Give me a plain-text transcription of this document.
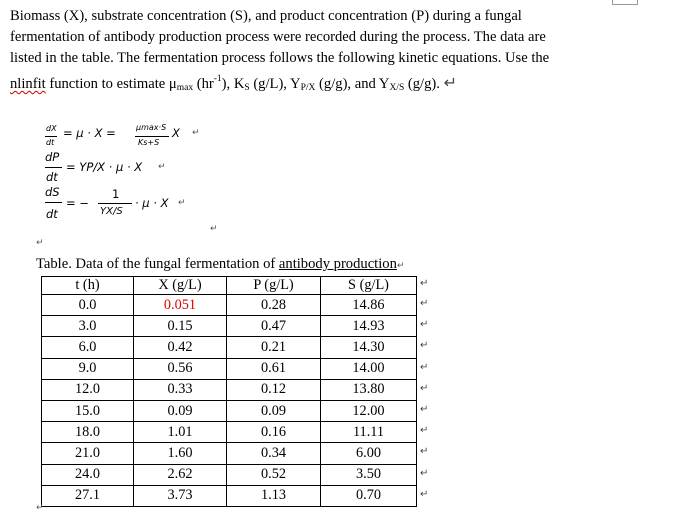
Biomass (X), substrate concentration (S), and product concentration (P) during a fungal
fermentation of antibody production process were recorded during the process. The data are
listed in the table. The fermentation process follows the following kinetic equations. Use the
nlinfit function to estimate $\mu_{max}$ $(hr^{-1})$, $K_S$ (g/L), $Y_{P/X}$ (g/g), and $Y_{X/S}$ (g/g). ↵
dX
dt
= μ · X =	μmax·S
Ks+S
X ↵
dP
dt
= YP/X · μ · X ↵
dS
dt
= −
1
YX/S
· μ · X ↵
↵
↵
Table. Data of the fungal fermentation of antibody production↵
t (h)	X (g/L)	P (g/L)	S (g/L)
0.0	0.051	0.28	14.86
3.0	0.15	0.47	14.93
6.0	0.42	0.21	14.30
9.0	0.56	0.61	14.00
12.0	0.33	0.12	13.80
15.0	0.09	0.09	12.00
18.0	1.01	0.16	11.11
21.0	1.60	0.34	6.00
24.0	2.62	0.52	3.50
27.1	3.73	1.13	0.70
↵
↵
↵
↵
↵
↵
↵
↵
↵
↵
↵
↵
